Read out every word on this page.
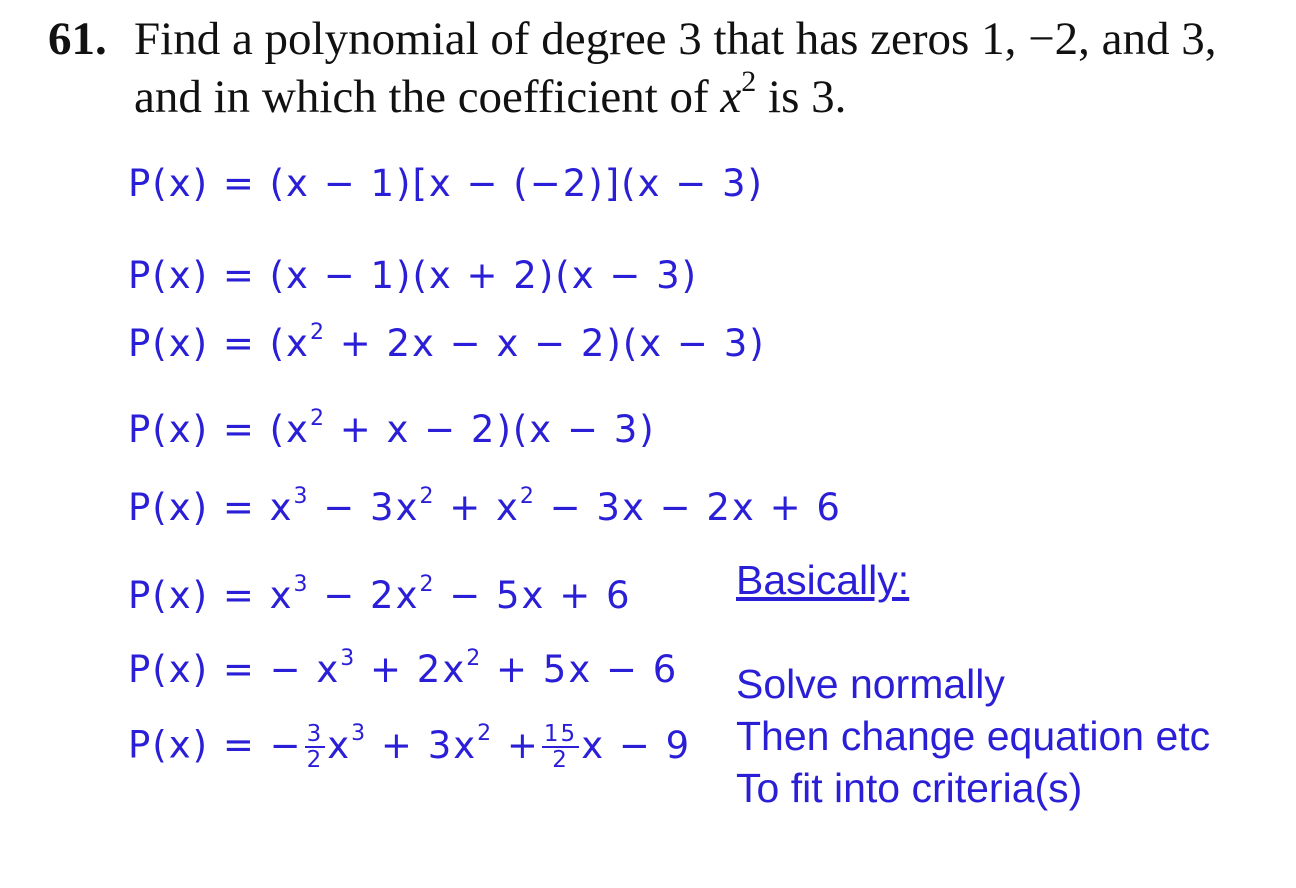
61. Find a polynomial of degree 3 that has zeros 1, −2, and 3,
and in which the coefficient of $x^2$ is 3.
P(x) = (x − 1)[x − (−2)](x − 3)
P(x) = (x − 1)(x + 2)(x − 3)
$P(x) = (x^2 + 2x - x - 2)(x - 3)$
$P(x) = (x^2 + x - 2)(x - 3)$
$P(x) = x^3 - 3x^2 + x^2 - 3x - 2x + 6$
$P(x) = x^3 - 2x^2 - 5x + 6$
P(x) = − $x^3 + 2x^2 + 5x - 6$
P(x) = − $\frac{3}{2} x^3 + 3x^2 + \frac{15}{2}$ x − 9
Basically:
Solve normally
Then change equation etc
To fit into criteria(s)
